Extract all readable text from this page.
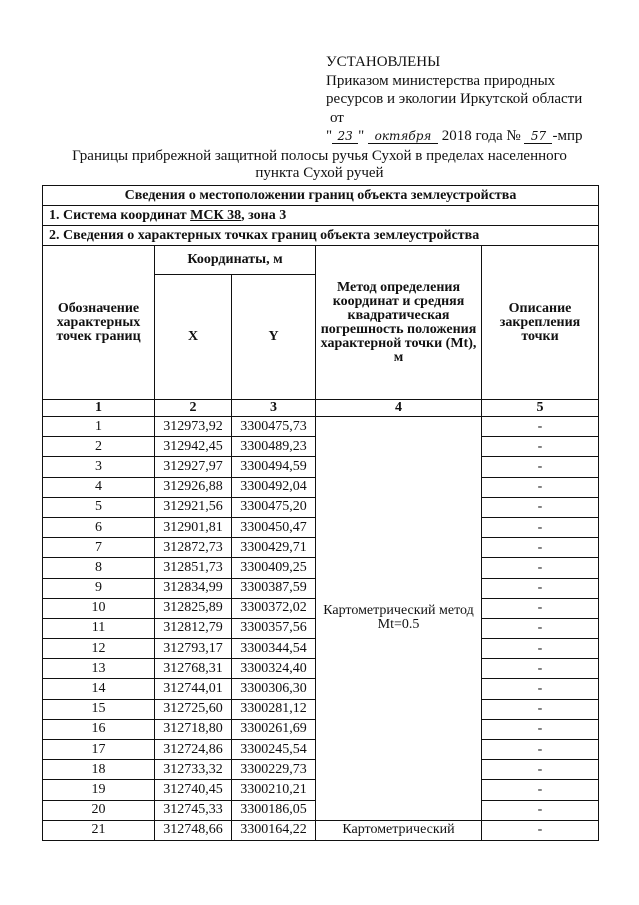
УСТАНОВЛЕНЫ
Приказом министерства природных
ресурсов и экологии Иркутской области
от
" 23 " октября 2018 года № 57 -мпр
Границы прибрежной защитной полосы ручья Сухой в пределах населенного
пункта Сухой ручей
Сведения о местоположении границ объекта землеустройства				
1. Система координат МСК 38, зона 3				
2. Сведения о характерных точках границ объекта землеустройства				
Обозначение характерных точек границ	Координаты, м		Метод определения координат и средняя квадратическая погрешность положения характерной точки (Mt), м	Описание закрепления точки
	X	Y		
1	2	3	4	5
1	312973,92	3300475,73	Картометрический метод Mt=0.5	-
2	312942,45	3300489,23		-
3	312927,97	3300494,59		-
4	312926,88	3300492,04		-
5	312921,56	3300475,20		-
6	312901,81	3300450,47		-
7	312872,73	3300429,71		-
8	312851,73	3300409,25		-
9	312834,99	3300387,59		-
10	312825,89	3300372,02		-
11	312812,79	3300357,56		-
12	312793,17	3300344,54		-
13	312768,31	3300324,40		-
14	312744,01	3300306,30		-
15	312725,60	3300281,12		-
16	312718,80	3300261,69		-
17	312724,86	3300245,54		-
18	312733,32	3300229,73		-
19	312740,45	3300210,21		-
20	312745,33	3300186,05		-
21	312748,66	3300164,22	Картометрический	-
